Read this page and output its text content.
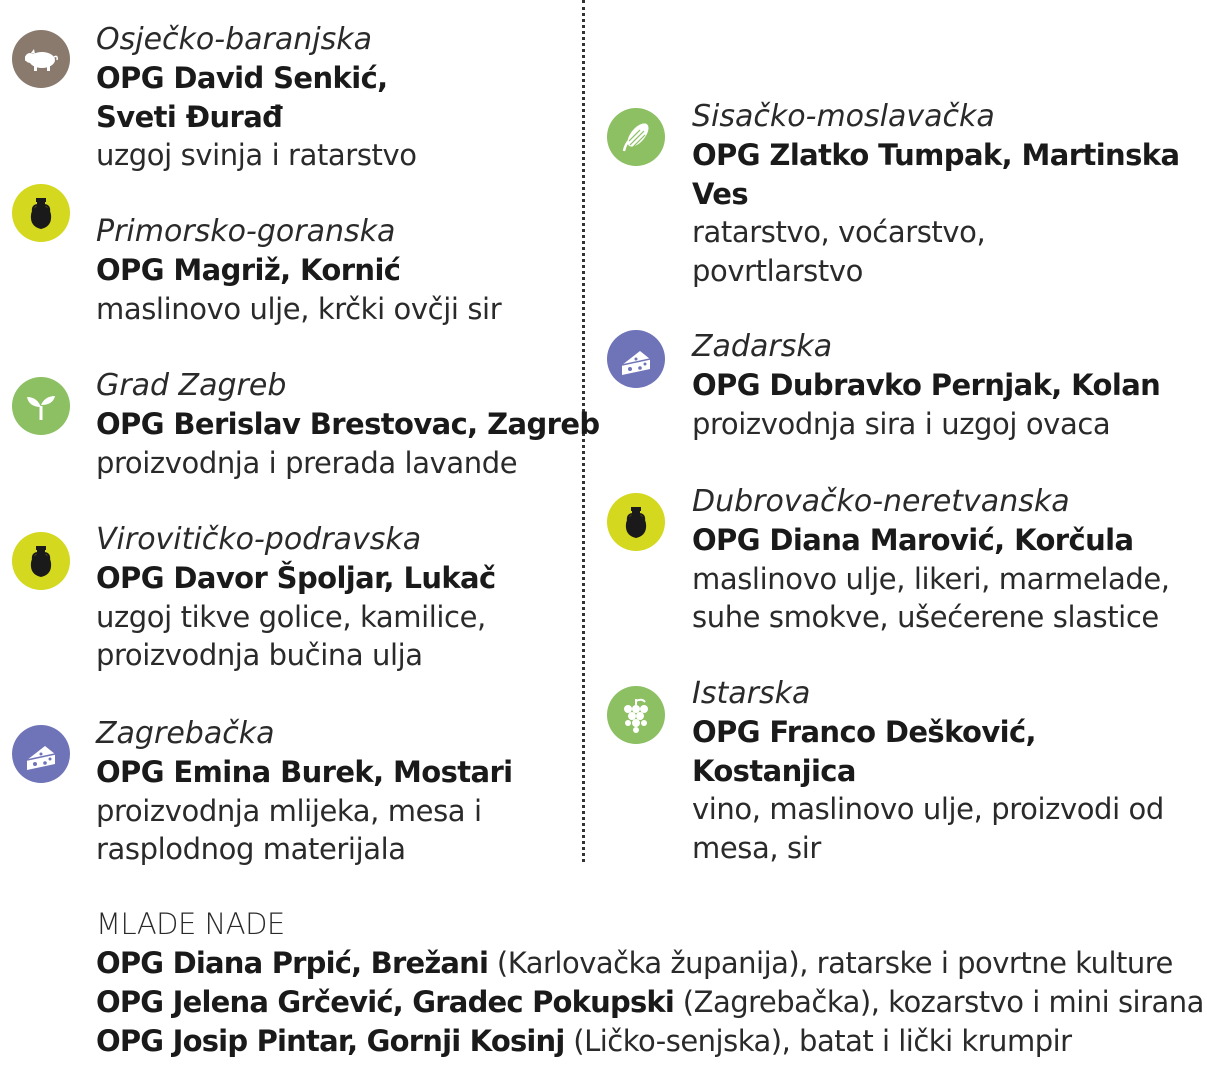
Osječko-baranjska
OPG David Senkić,
Sveti Đurađ
uzgoj svinja i ratarstvo
Primorsko-goranska
OPG Magriž, Kornić
maslinovo ulje, krčki ovčji sir
Grad Zagreb
OPG Berislav Brestovac, Zagreb
proizvodnja i prerada lavande
Virovitičko-podravska
OPG Davor Špoljar, Lukač
uzgoj tikve golice, kamilice,
proizvodnja bučina ulja
Zagrebačka
OPG Emina Burek, Mostari
proizvodnja mlijeka, mesa i
rasplodnog materijala
Sisačko-moslavačka
OPG Zlatko Tumpak, Martinska
Ves
ratarstvo, voćarstvo,
povrtlarstvo
Zadarska
OPG Dubravko Pernjak, Kolan
proizvodnja sira i uzgoj ovaca
Dubrovačko-neretvanska
OPG Diana Marović, Korčula
maslinovo ulje, likeri, marmelade,
suhe smokve, ušećerene slastice
Istarska
OPG Franco Dešković,
Kostanjica
vino, maslinovo ulje, proizvodi od
mesa, sir
MLADE NADE
OPG Diana Prpić, Brežani (Karlovačka županija), ratarske i povrtne kulture
OPG Jelena Grčević, Gradec Pokupski (Zagrebačka), kozarstvo i mini sirana
OPG Josip Pintar, Gornji Kosinj (Ličko-senjska), batat i lički krumpir
